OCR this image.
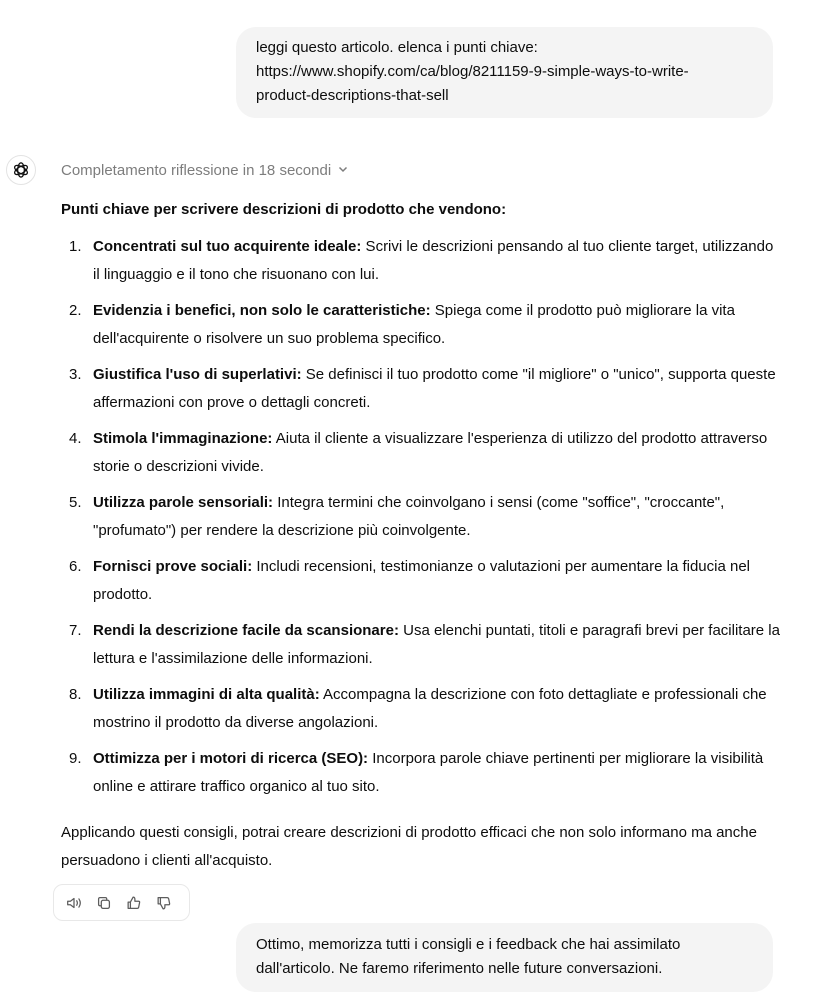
leggi questo articolo. elenca i punti chiave:
https://www.shopify.com/ca/blog/8211159-9-simple-ways-to-write-
product-descriptions-that-sell
Completamento riflessione in 18 secondi
Punti chiave per scrivere descrizioni di prodotto che vendono:
1. Concentrati sul tuo acquirente ideale: Scrivi le descrizioni pensando al tuo cliente target, utilizzando il linguaggio e il tono che risuonano con lui.
2. Evidenzia i benefici, non solo le caratteristiche: Spiega come il prodotto può migliorare la vita dell'acquirente o risolvere un suo problema specifico.
3. Giustifica l'uso di superlativi: Se definisci il tuo prodotto come "il migliore" o "unico", supporta queste affermazioni con prove o dettagli concreti.
4. Stimola l'immaginazione: Aiuta il cliente a visualizzare l'esperienza di utilizzo del prodotto attraverso storie o descrizioni vivide.
5. Utilizza parole sensoriali: Integra termini che coinvolgano i sensi (come "soffice", "croccante", "profumato") per rendere la descrizione più coinvolgente.
6. Fornisci prove sociali: Includi recensioni, testimonianze o valutazioni per aumentare la fiducia nel prodotto.
7. Rendi la descrizione facile da scansionare: Usa elenchi puntati, titoli e paragrafi brevi per facilitare la lettura e l'assimilazione delle informazioni.
8. Utilizza immagini di alta qualità: Accompagna la descrizione con foto dettagliate e professionali che mostrino il prodotto da diverse angolazioni.
9. Ottimizza per i motori di ricerca (SEO): Incorpora parole chiave pertinenti per migliorare la visibilità online e attirare traffico organico al tuo sito.

Applicando questi consigli, potrai creare descrizioni di prodotto efficaci che non solo informano ma anche persuadono i clienti all'acquisto.

Ottimo, memorizza tutti i consigli e i feedback che hai assimilato
dall'articolo. Ne faremo riferimento nelle future conversazioni.
